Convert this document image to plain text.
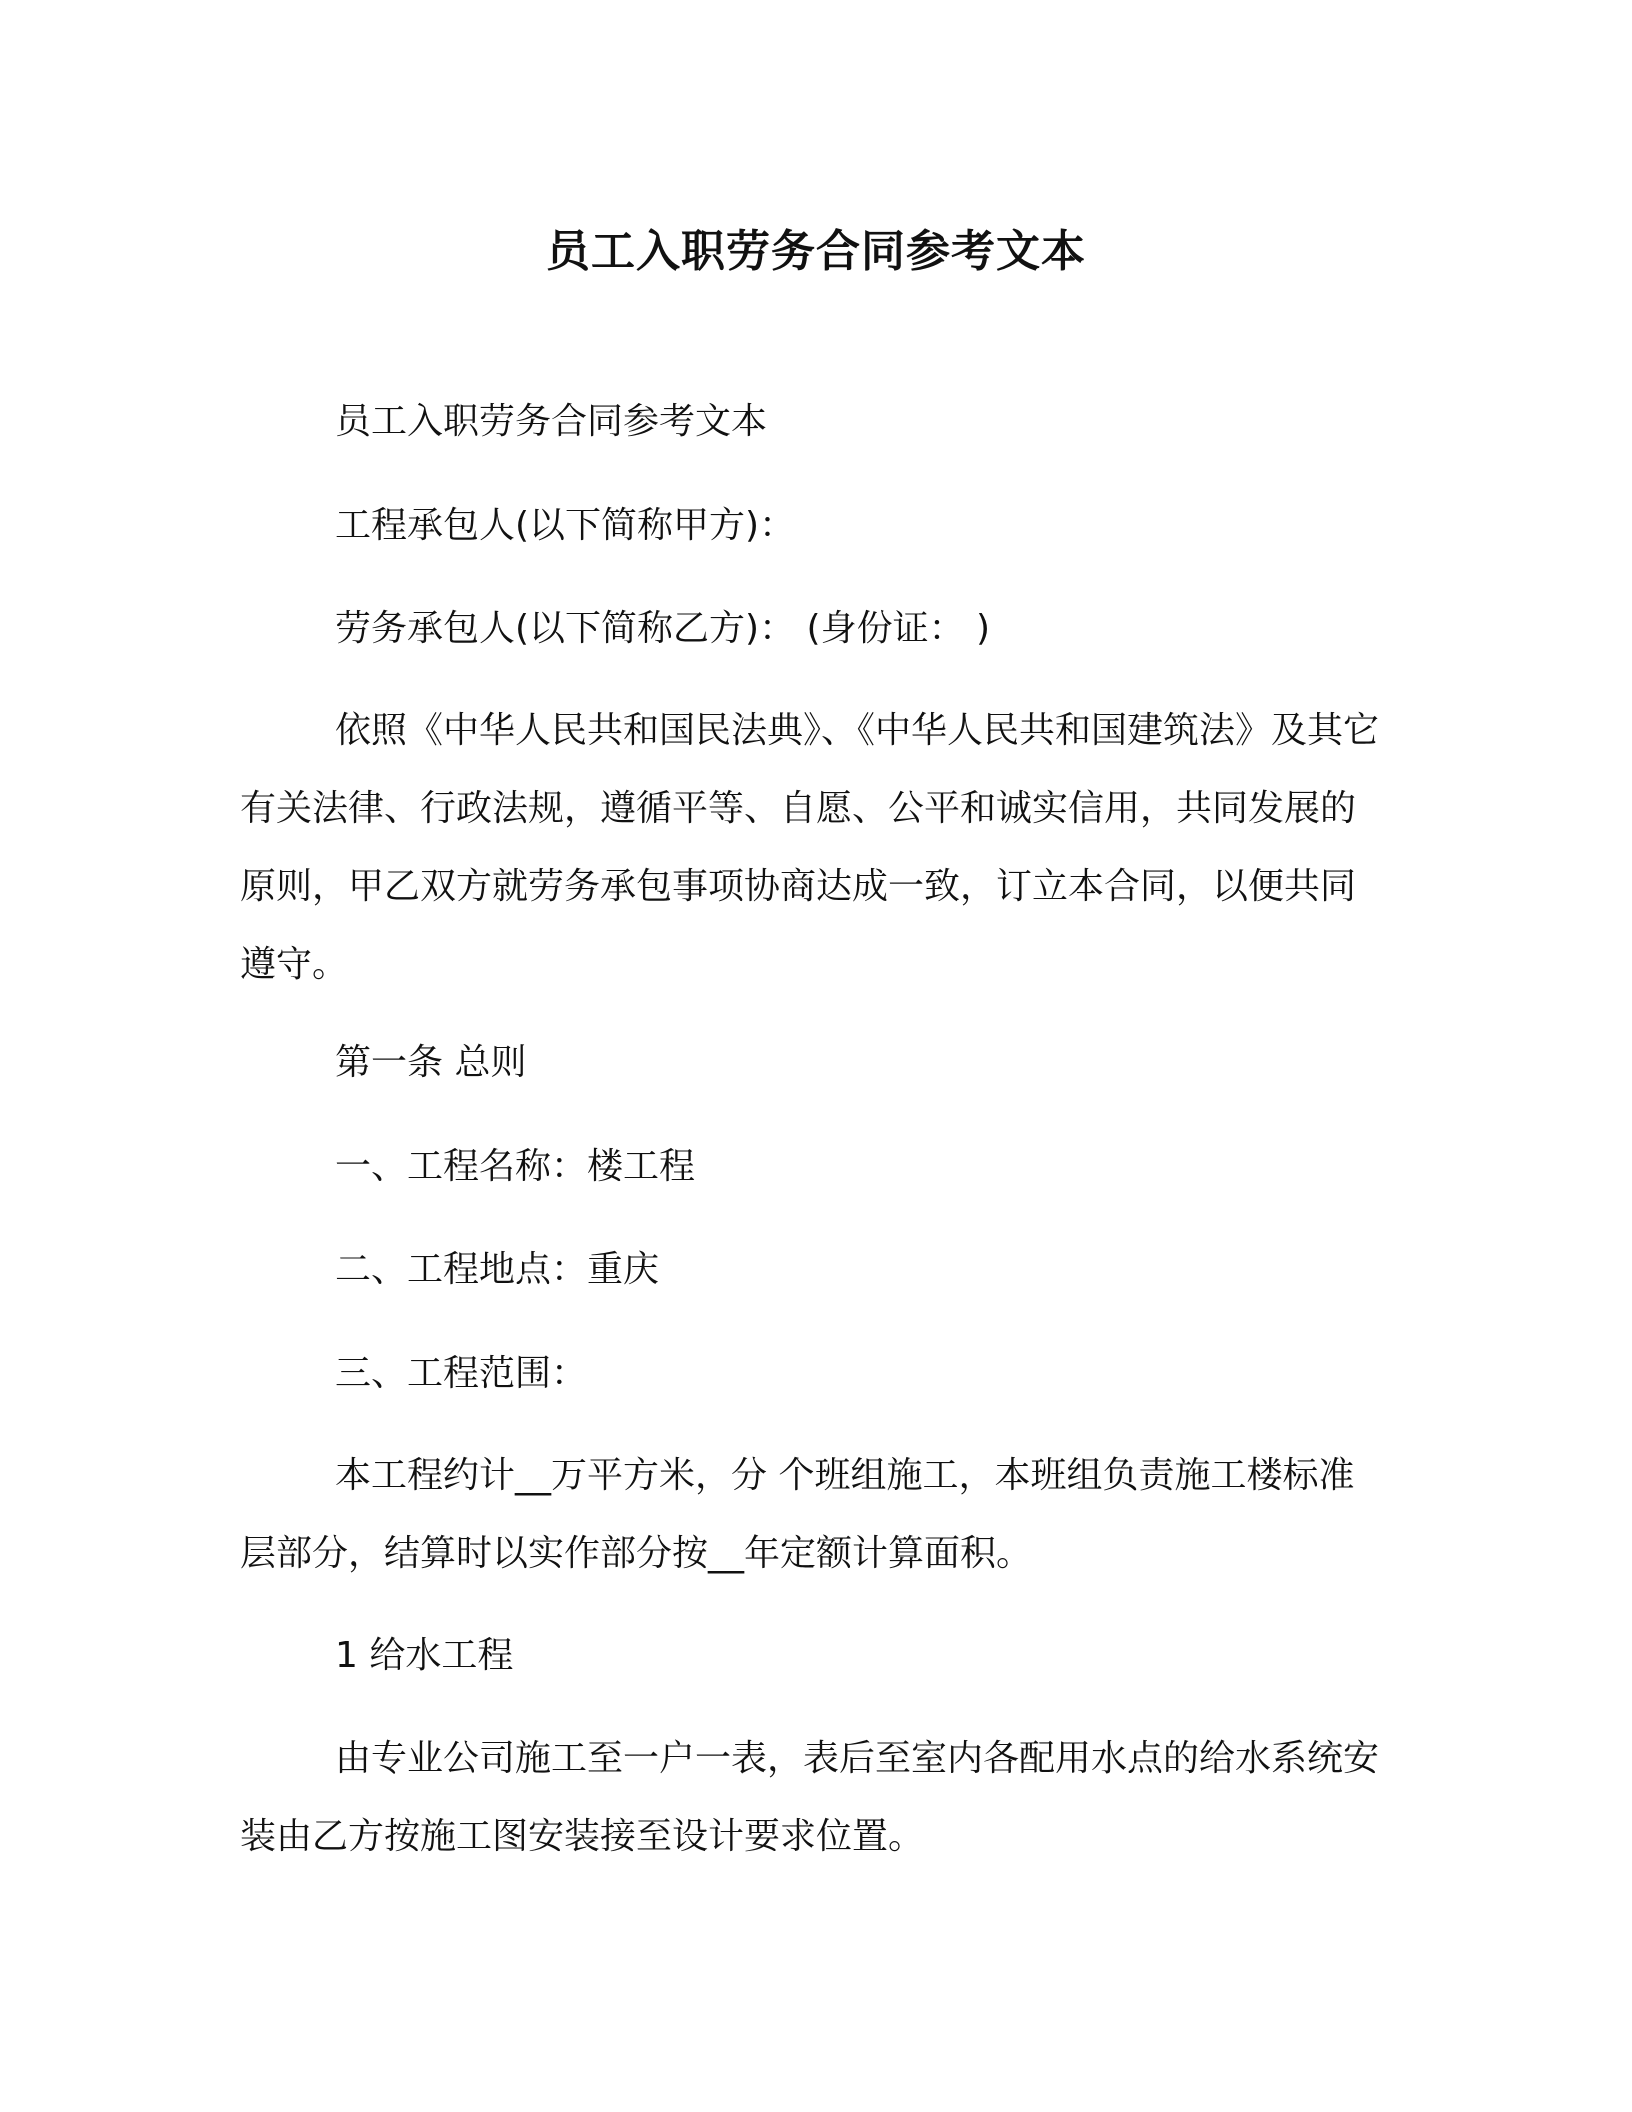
员工入职劳务合同参考文本
员工入职劳务合同参考文本
工程承包人(以下简称甲方)：
劳务承包人(以下简称乙方)： (身份证： )
依照《中华人民共和国民法典》、《中华人民共和国建筑法》及其它有关法律、行政法规，遵循平等、自愿、公平和诚实信用，共同发展的原则，甲乙双方就劳务承包事项协商达成一致，订立本合同，以便共同遵守。
第一条 总则
一、工程名称：楼工程
二、工程地点：重庆
三、工程范围：
本工程约计__万平方米，分 个班组施工，本班组负责施工楼标准层部分，结算时以实作部分按__年定额计算面积。
1 给水工程
由专业公司施工至一户一表，表后至室内各配用水点的给水系统安装由乙方按施工图安装接至设计要求位置。
